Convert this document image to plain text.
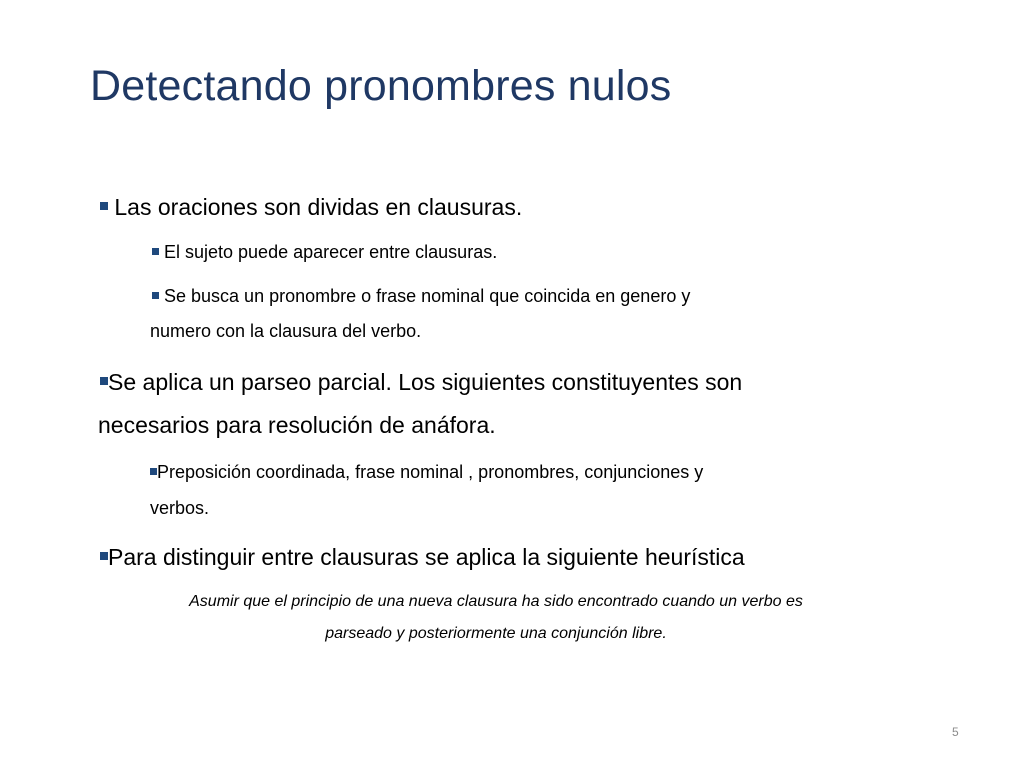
Detectando pronombres nulos
Las oraciones son dividas en clausuras.
El sujeto puede aparecer entre clausuras.
Se busca un pronombre o frase nominal que coincida en genero y
numero con la clausura del verbo.
Se aplica un parseo parcial. Los siguientes constituyentes son
necesarios para resolución de anáfora.
Preposición coordinada, frase nominal , pronombres, conjunciones y
verbos.
Para distinguir entre clausuras se aplica la siguiente heurística
Asumir que el principio de una nueva clausura ha sido encontrado cuando un verbo es
parseado y posteriormente una conjunción libre.
5
